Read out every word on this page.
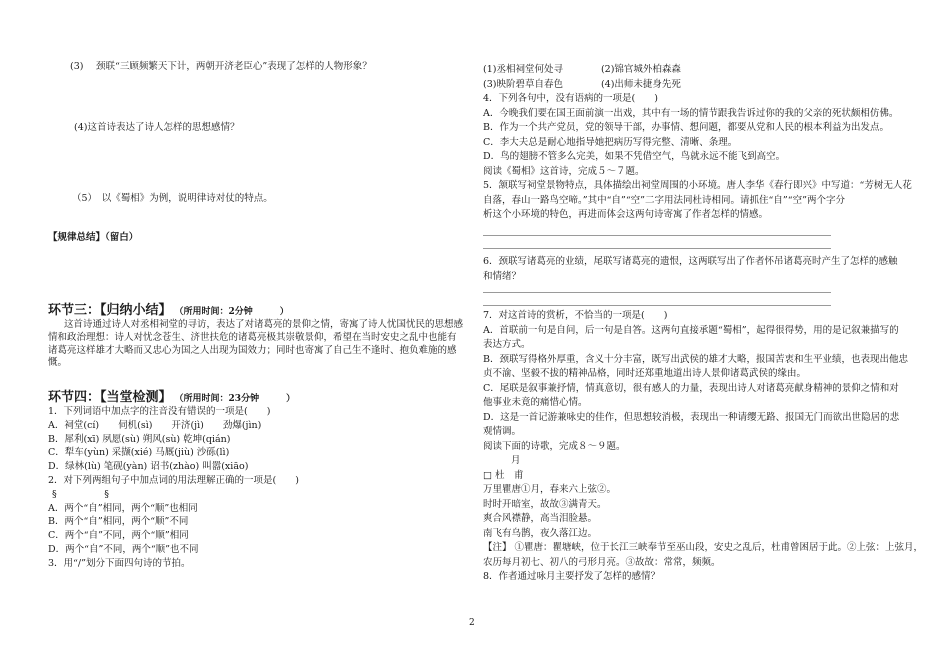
(3)　 颈联“三顾频繁天下计，两朝开济老臣心”表现了怎样的人物形象？
(4)这首诗表达了诗人怎样的思想感情？
（5）　以《蜀相》为例，说明律诗对仗的特点。
【规律总结】（留白）
环节三：【归纳小结】 （所用时间：2分钟　　　）
这首诗通过诗人对丞相祠堂的寻访，表达了对诸葛亮的景仰之情，寄寓了诗人忧国忧民的思想感
情和政治理想：诗人对忧念苍生、济世扶危的诸葛亮极其崇敬景仰，希望在当时安史之乱中也能有
诸葛亮这样雄才大略而又忠心为国之人出现为国效力；同时也寄寓了自己生不逢时、抱负难施的感
慨。
环节四：【当堂检测】 （所用时间：23分钟　　　）
1．下列词语中加点字的注音没有错误的一项是(　　)
A．祠堂(cí)　　伺机(sì)　　开济(jì)　　劲爆(jìn)
B．犀利(xī) 夙愿(sù) 朔风(sù) 乾坤(qián)
C．犁车(yùn) 采撷(xié) 马厩(jiù) 沙砾(lì)
D．绿林(lù) 笔砚(yàn) 诏书(zhào) 叫嚣(xiāo)
2．对下列两组句子中加点词的用法理解正确的一项是(　　)
§　　　　　§
A．两个“自”相同，两个“顺”也相同
B．两个“自”相同，两个“顺”不同
C．两个“自”不同，两个“顺”相同
D．两个“自”不同，两个“顺”也不同
3．用“/”划分下面四句诗的节拍。
(1)丞相祠堂何处寻　　　　(2)锦官城外柏森森
(3)映阶碧草自春色　　　　(4)出师未捷身先死
4．下列各句中，没有语病的一项是(　　)
A．今晚我们要在国王面前演一出戏，其中有一场的情节跟我告诉过你的我的父亲的死状颇相仿佛。
B．作为一个共产党员，党的领导干部，办事情、想问题，都要从党和人民的根本利益为出发点。
C．李大夫总是耐心地指导她把病历写得完整、清晰、条理。
D．鸟的翅膀不管多么完美，如果不凭借空气，鸟就永远不能飞到高空。
阅读《蜀相》这首诗，完成５～７题。
5．颔联写祠堂景物特点，具体描绘出祠堂周围的小环境。唐人李华《春行即兴》中写道：“芳树无人花
自落，春山一路鸟空啼。”其中“自”“空”二字用法同杜诗相同。请抓住“自”“空”两个字分
析这个小环境的特色，再进而体会这两句诗寄寓了作者怎样的情感。
6．颈联写诸葛亮的业绩，尾联写诸葛亮的遗恨，这两联写出了作者怀吊诸葛亮时产生了怎样的感触
和情绪？
7．对这首诗的赏析，不恰当的一项是(　　)
A．首联前一句是自问，后一句是自答。这两句直接承题“蜀相”，起得很得势，用的是记叙兼描写的
表达方式。
B．颈联写得格外厚重，含义十分丰富，既写出武侯的雄才大略，报国苦衷和生平业绩，也表现出他忠
贞不渝、坚毅不拔的精神品格，同时还郑重地道出诗人景仰诸葛武侯的缘由。
C．尾联是叙事兼抒情，情真意切，很有感人的力量，表现出诗人对诸葛亮献身精神的景仰之情和对
他事业未竟的痛惜心情。
D．这是一首记游兼咏史的佳作，但思想较消极，表现出一种请缨无路、报国无门而欲出世隐居的悲
观情调。
阅读下面的诗歌，完成８～９题。
月
□ 杜　甫
万里瞿唐①月，春来六上弦②。
时时开暗室，故故③满青天。
爽合风襟静，高当泪脸悬。
南飞有乌鹊，夜久落江边。
【注】 ①瞿唐：瞿塘峡，位于长江三峡奉节至巫山段，安史之乱后，杜甫曾困居于此。②上弦：上弦月，
农历每月初七、初八的弓形月亮。③故故：常常，频频。
8．作者通过咏月主要抒发了怎样的感情？
2
